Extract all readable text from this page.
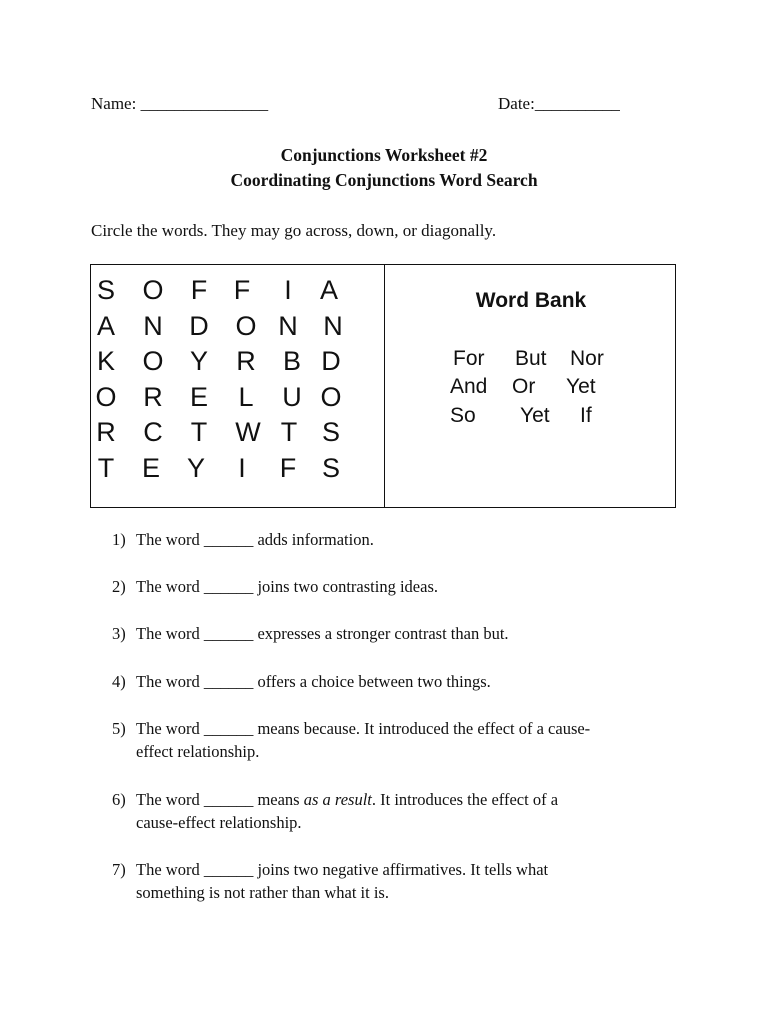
Name: _______________	Date:__________
Conjunctions Worksheet #2
Coordinating Conjunctions Word Search
Circle the words. They may go across, down, or diagonally.
S O F F	I	A
A N D O N N
K O Y R B D
O R E L U O
R C T W T S
T E Y	I	F S
Word Bank
For But Nor
And Or Yet
So Yet If
1) The word ______ adds information.
2) The word ______ joins two contrasting ideas.
3) The word ______ expresses a stronger contrast than but.
4) The word ______ offers a choice between two things.
5) The word ______ means because. It introduced the effect of a cause-
effect relationship.
6) The word ______ means as a result. It introduces the effect of a
cause-effect relationship.
7) The word ______ joins two negative affirmatives. It tells what
something is not rather than what it is.
